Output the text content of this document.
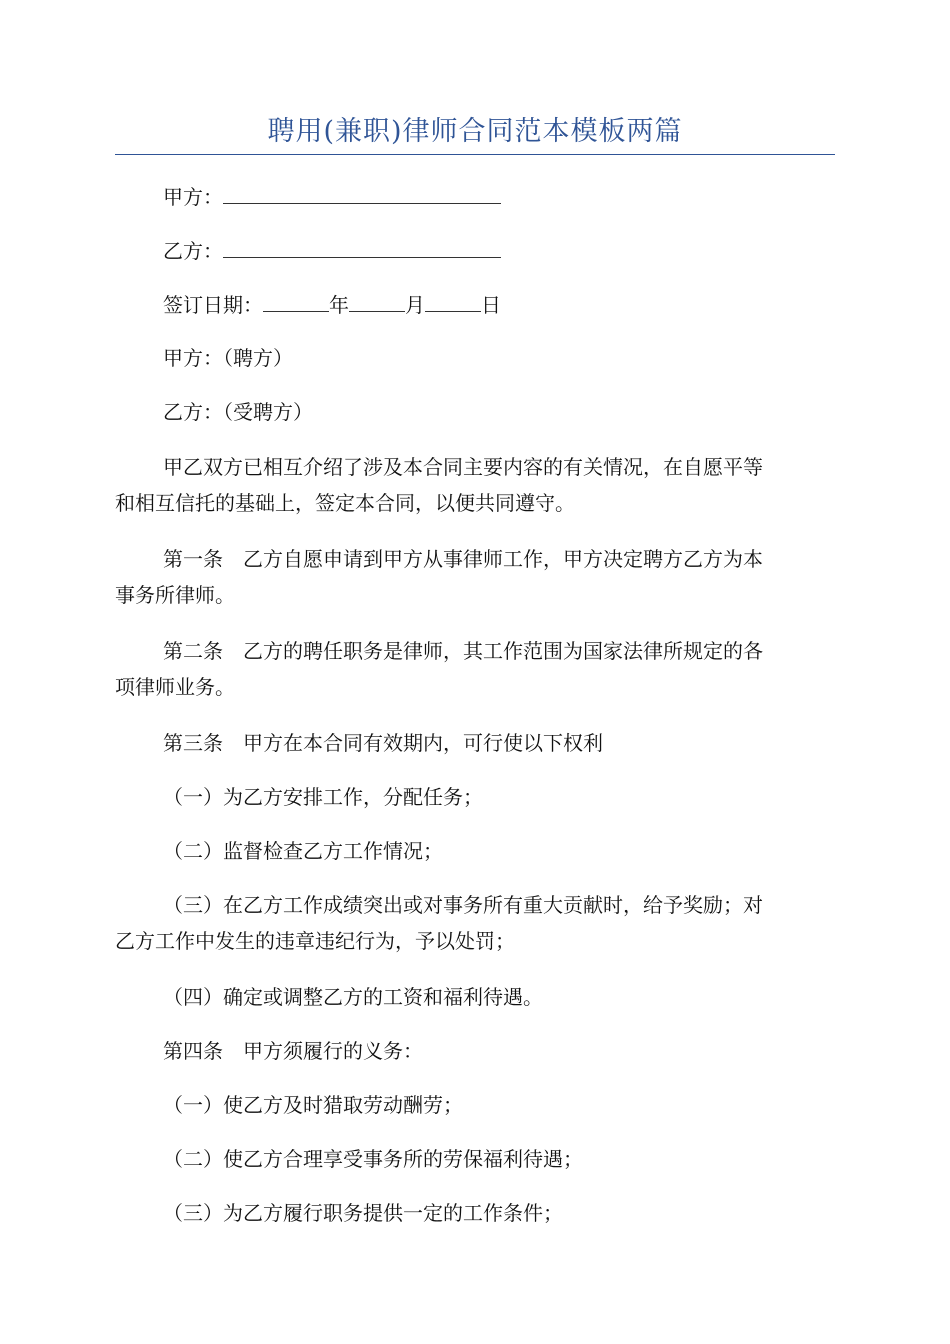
聘用(兼职)律师合同范本模板两篇
甲方：
乙方：
签订日期：	年	月	日
甲方：（聘方）
乙方：（受聘方）
甲乙双方已相互介绍了涉及本合同主要内容的有关情况，在自愿平等
和相互信托的基础上，签定本合同，以便共同遵守。
第一条　乙方自愿申请到甲方从事律师工作，甲方决定聘方乙方为本
事务所律师。
第二条　乙方的聘任职务是律师，其工作范围为国家法律所规定的各
项律师业务。
第三条　甲方在本合同有效期内，可行使以下权利
（一）为乙方安排工作，分配任务；
（二）监督检查乙方工作情况；
（三）在乙方工作成绩突出或对事务所有重大贡献时，给予奖励；对
乙方工作中发生的违章违纪行为，予以处罚；
（四）确定或调整乙方的工资和福利待遇。
第四条　甲方须履行的义务：
（一）使乙方及时猎取劳动酬劳；
（二）使乙方合理享受事务所的劳保福利待遇；
（三）为乙方履行职务提供一定的工作条件；
